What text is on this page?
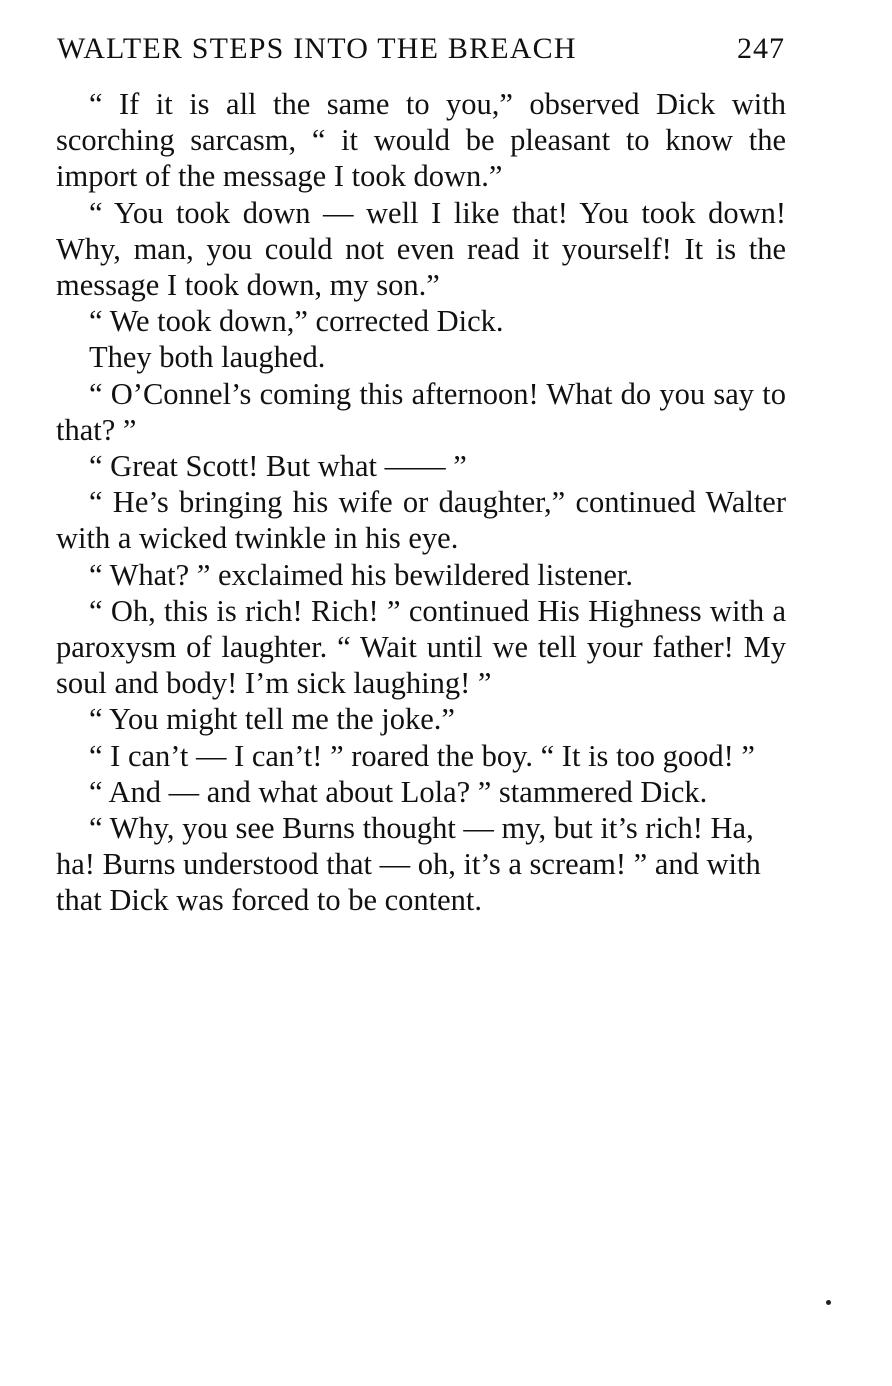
WALTER STEPS INTO THE BREACH	247

“ If it is all the same to you,” observed Dick with scorching sarcasm, “ it would be pleasant to know the import of the message I took down.”

“ You took down — well I like that! You took down! Why, man, you could not even read it yourself! It is the message I took down, my son.”

“ We took down,” corrected Dick.

They both laughed.

“ O’Connel’s coming this afternoon! What do you say to that? ”

“ Great Scott! But what —— ”

“ He’s bringing his wife or daughter,” continued Walter with a wicked twinkle in his eye.

“ What? ” exclaimed his bewildered listener.

“ Oh, this is rich! Rich! ” continued His Highness with a paroxysm of laughter. “ Wait until we tell your father! My soul and body! I’m sick laughing! ”

“ You might tell me the joke.”

“ I can’t — I can’t! ” roared the boy. “ It is too good! ”

“ And — and what about Lola? ” stammered Dick.

“ Why, you see Burns thought — my, but it’s rich! Ha, ha! Burns understood that — oh, it’s a scream! ” and with that Dick was forced to be content.
